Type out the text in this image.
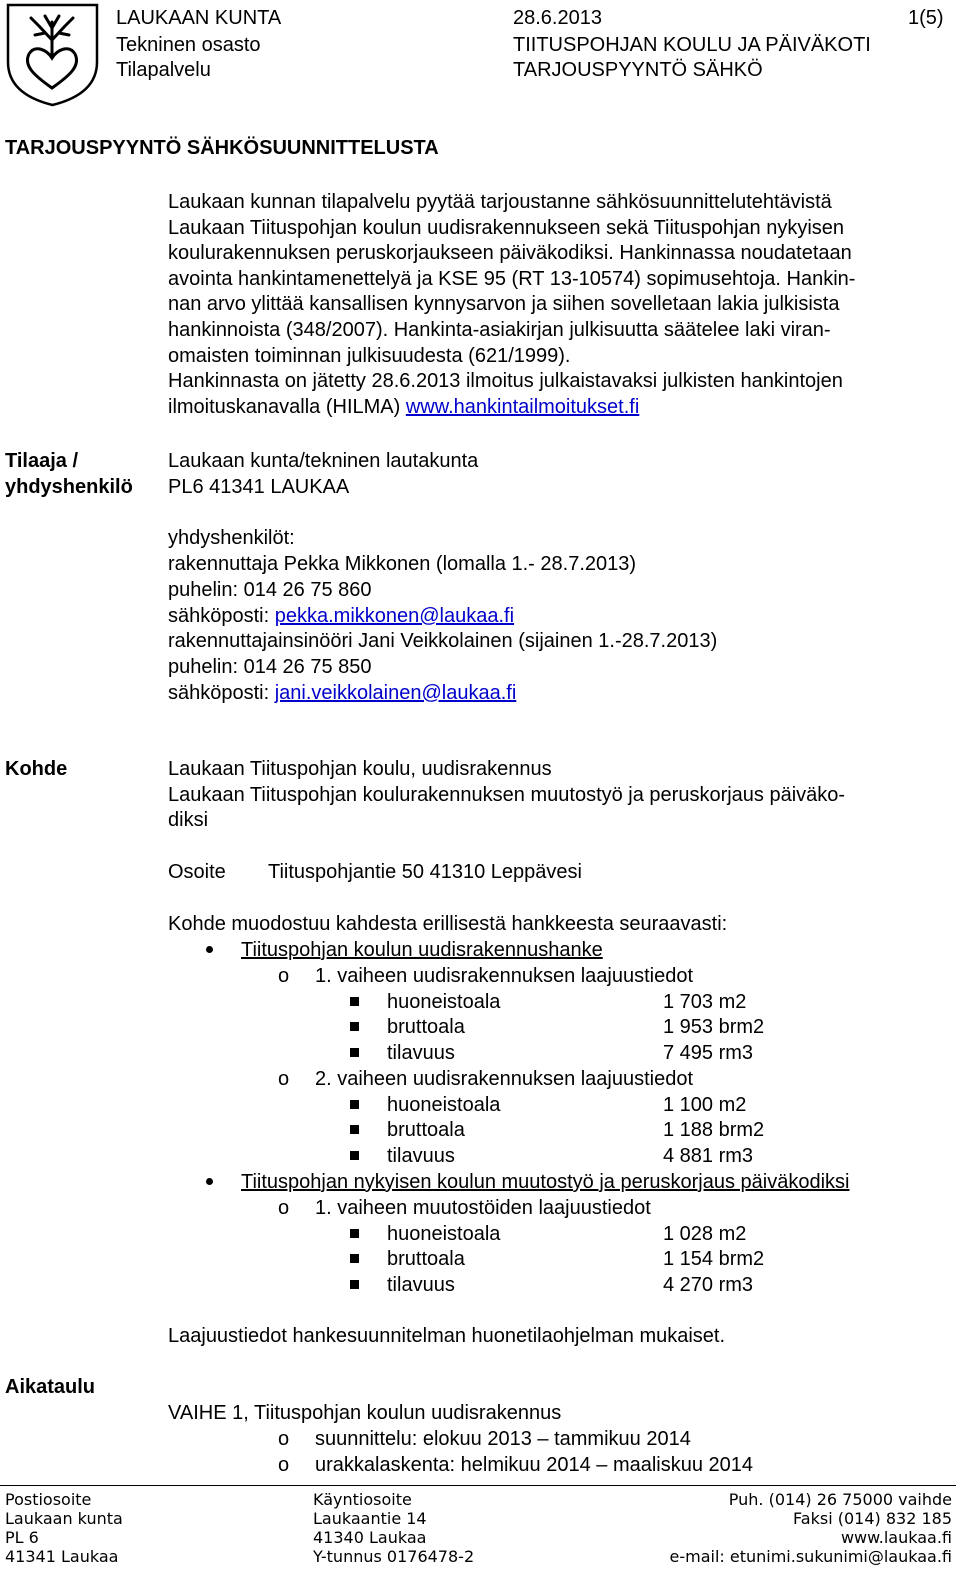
LAUKAAN KUNTA
Tekninen osasto
Tilapalvelu
28.6.2013
TIITUSPOHJAN KOULU JA PÄIVÄKOTI
TARJOUSPYYNTÖ SÄHKÖ
1(5)
TARJOUSPYYNTÖ SÄHKÖSUUNNITTELUSTA
Laukaan kunnan tilapalvelu pyytää tarjoustanne sähkösuunnittelutehtävistä
Laukaan Tiituspohjan koulun uudisrakennukseen sekä Tiituspohjan nykyisen
koulurakennuksen peruskorjaukseen päiväkodiksi. Hankinnassa noudatetaan
avointa hankintamenettelyä ja KSE 95 (RT 13-10574) sopimusehtoja. Hankin-
nan arvo ylittää kansallisen kynnysarvon ja siihen sovelletaan lakia julkisista
hankinnoista (348/2007). Hankinta-asiakirjan julkisuutta säätelee laki viran-
omaisten toiminnan julkisuudesta (621/1999).
Hankinnasta on jätetty 28.6.2013 ilmoitus julkaistavaksi julkisten hankintojen
ilmoituskanavalla (HILMA) www.hankintailmoitukset.fi
Tilaaja /
yhdyshenkilö
Laukaan kunta/tekninen lautakunta
PL6 41341 LAUKAA
yhdyshenkilöt:
rakennuttaja Pekka Mikkonen (lomalla 1.- 28.7.2013)
puhelin: 014 26 75 860
sähköposti: pekka.mikkonen@laukaa.fi
rakennuttajainsinööri Jani Veikkolainen (sijainen 1.-28.7.2013)
puhelin: 014 26 75 850
sähköposti: jani.veikkolainen@laukaa.fi
Kohde	Laukaan Tiituspohjan koulu, uudisrakennus
Laukaan Tiituspohjan koulurakennuksen muutostyö ja peruskorjaus päiväko-
diksi
Osoite Tiituspohjantie 50 41310 Leppävesi
Kohde muodostuu kahdesta erillisestä hankkeesta seuraavasti:
Tiituspohjan koulun uudisrakennushanke
o 1. vaiheen uudisrakennuksen laajuustiedot
huoneistoala	1 703 m2
bruttoala	1 953 brm2
tilavuus	7 495 rm3
o 2. vaiheen uudisrakennuksen laajuustiedot
huoneistoala	1 100 m2
bruttoala	1 188 brm2
tilavuus	4 881 rm3
Tiituspohjan nykyisen koulun muutostyö ja peruskorjaus päiväkodiksi
o 1. vaiheen muutostöiden laajuustiedot
huoneistoala	1 028 m2
bruttoala	1 154 brm2
tilavuus	4 270 rm3
Laajuustiedot hankesuunnitelman huonetilaohjelman mukaiset.
Aikataulu
VAIHE 1, Tiituspohjan koulun uudisrakennus
o suunnittelu: elokuu 2013 – tammikuu 2014
o urakkalaskenta: helmikuu 2014 – maaliskuu 2014
Postiosoite
Laukaan kunta
PL 6
41341 Laukaa
Käyntiosoite
Laukaantie 14
41340 Laukaa
Y-tunnus 0176478-2
Puh. (014) 26 75000 vaihde
Faksi (014) 832 185
www.laukaa.fi
e-mail: etunimi.sukunimi@laukaa.fi
